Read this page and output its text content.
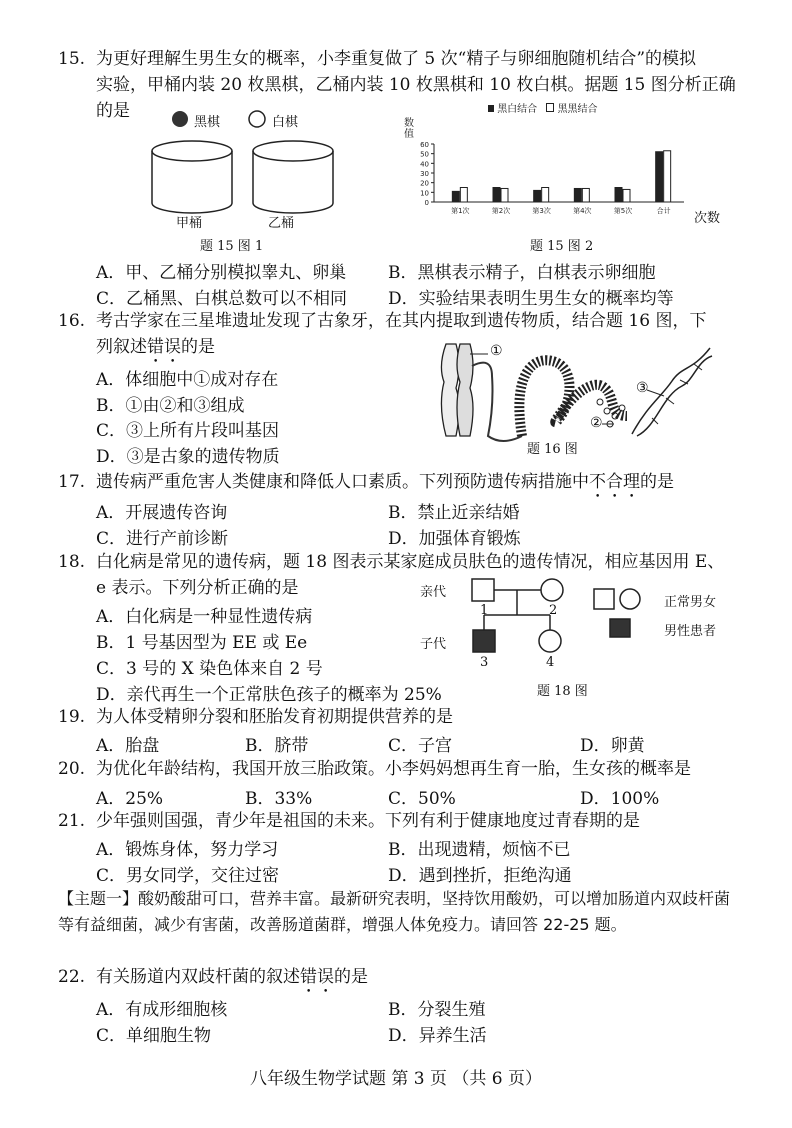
15. 为更好理解生男生女的概率，小李重复做了 5 次“精子与卵细胞随机结合”的模拟
实验，甲桶内装 20 枚黑棋，乙桶内装 10 枚黑棋和 10 枚白棋。据题 15 图分析正确
的是
黑棋	白棋
甲桶	乙桶
题 15 图 1
数值
黑白结合 黑黑结合
60
50
40
30
20
10
0
第1次	第2次	第3次	第4次	第5次	合计 次数
题 15 图 2
A．甲、乙桶分别模拟睾丸、卵巢 B．黑棋表示精子，白棋表示卵细胞
C．乙桶黑、白棋总数可以不相同 D．实验结果表明生男生女的概率均等
16. 考古学家在三星堆遗址发现了古象牙，在其内提取到遗传物质，结合题 16 图，下
列叙述错误的是
A．体细胞中①成对存在
B．①由②和③组成
C．③上所有片段叫基因
D．③是古象的遗传物质
①
③
②
题 16 图
17. 遗传病严重危害人类健康和降低人口素质。下列预防遗传病措施中不合理的是
A．开展遗传咨询	B．禁止近亲结婚
C．进行产前诊断	D．加强体育锻炼
18. 白化病是常见的遗传病，题 18 图表示某家庭成员肤色的遗传情况，相应基因用 E、
e 表示。下列分析正确的是
A．白化病是一种显性遗传病
B．1 号基因型为 EE 或 Ee
C．3 号的 X 染色体来自 2 号
D．亲代再生一个正常肤色孩子的概率为 25%
亲代
子代
1	2
3	4
正常男女
男性患者
题 18 图
19. 为人体受精卵分裂和胚胎发育初期提供营养的是
A．胎盘	B．脐带	C．子宫	D．卵黄
20. 为优化年龄结构，我国开放三胎政策。小李妈妈想再生育一胎，生女孩的概率是
A．25%	B．33%	C．50%	D．100%
21. 少年强则国强，青少年是祖国的未来。下列有利于健康地度过青春期的是
A．锻炼身体，努力学习	B．出现遗精，烦恼不已
C．男女同学，交往过密	D．遇到挫折，拒绝沟通
【主题一】酸奶酸甜可口，营养丰富。最新研究表明，坚持饮用酸奶，可以增加肠道内双歧杆菌等有益细菌，减少有害菌，改善肠道菌群，增强人体免疫力。请回答 22-25 题。
22. 有关肠道内双歧杆菌的叙述错误的是
A．有成形细胞核	B．分裂生殖
C．单细胞生物	D．异养生活
八年级生物学试题 第 3 页 （共 6 页）
